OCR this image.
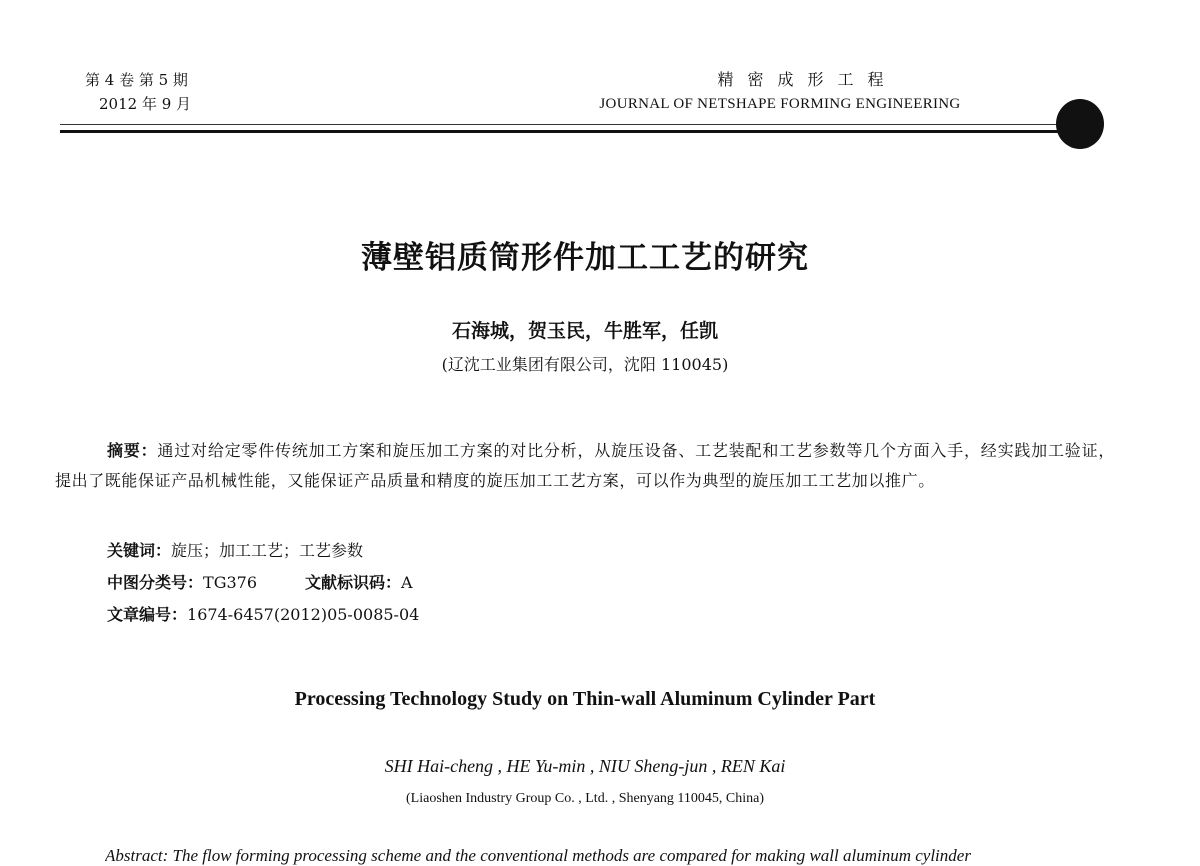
第 4 卷 第 5 期
2012 年 9 月
精密成形工程
JOURNAL OF NETSHAPE FORMING ENGINEERING
薄壁铝质筒形件加工工艺的研究
石海城，贺玉民，牛胜军，任凯
(辽沈工业集团有限公司，沈阳 110045)
摘要：通过对给定零件传统加工方案和旋压加工方案的对比分析，从旋压设备、工艺装配和工艺参数等几个方面入手，经实践加工验证，提出了既能保证产品机械性能，又能保证产品质量和精度的旋压加工工艺方案，可以作为典型的旋压加工工艺加以推广。
关键词：旋压；加工工艺；工艺参数
中图分类号：TG376	文献标识码：A
文章编号：1674-6457(2012)05-0085-04
Processing Technology Study on Thin-wall Aluminum Cylinder Part
SHI Hai-cheng , HE Yu-min , NIU Sheng-jun , REN Kai
(Liaoshen Industry Group Co. , Ltd. , Shenyang 110045, China)
Abstract: The flow forming processing scheme and the conventional methods are compared for making wall aluminum cylinder
